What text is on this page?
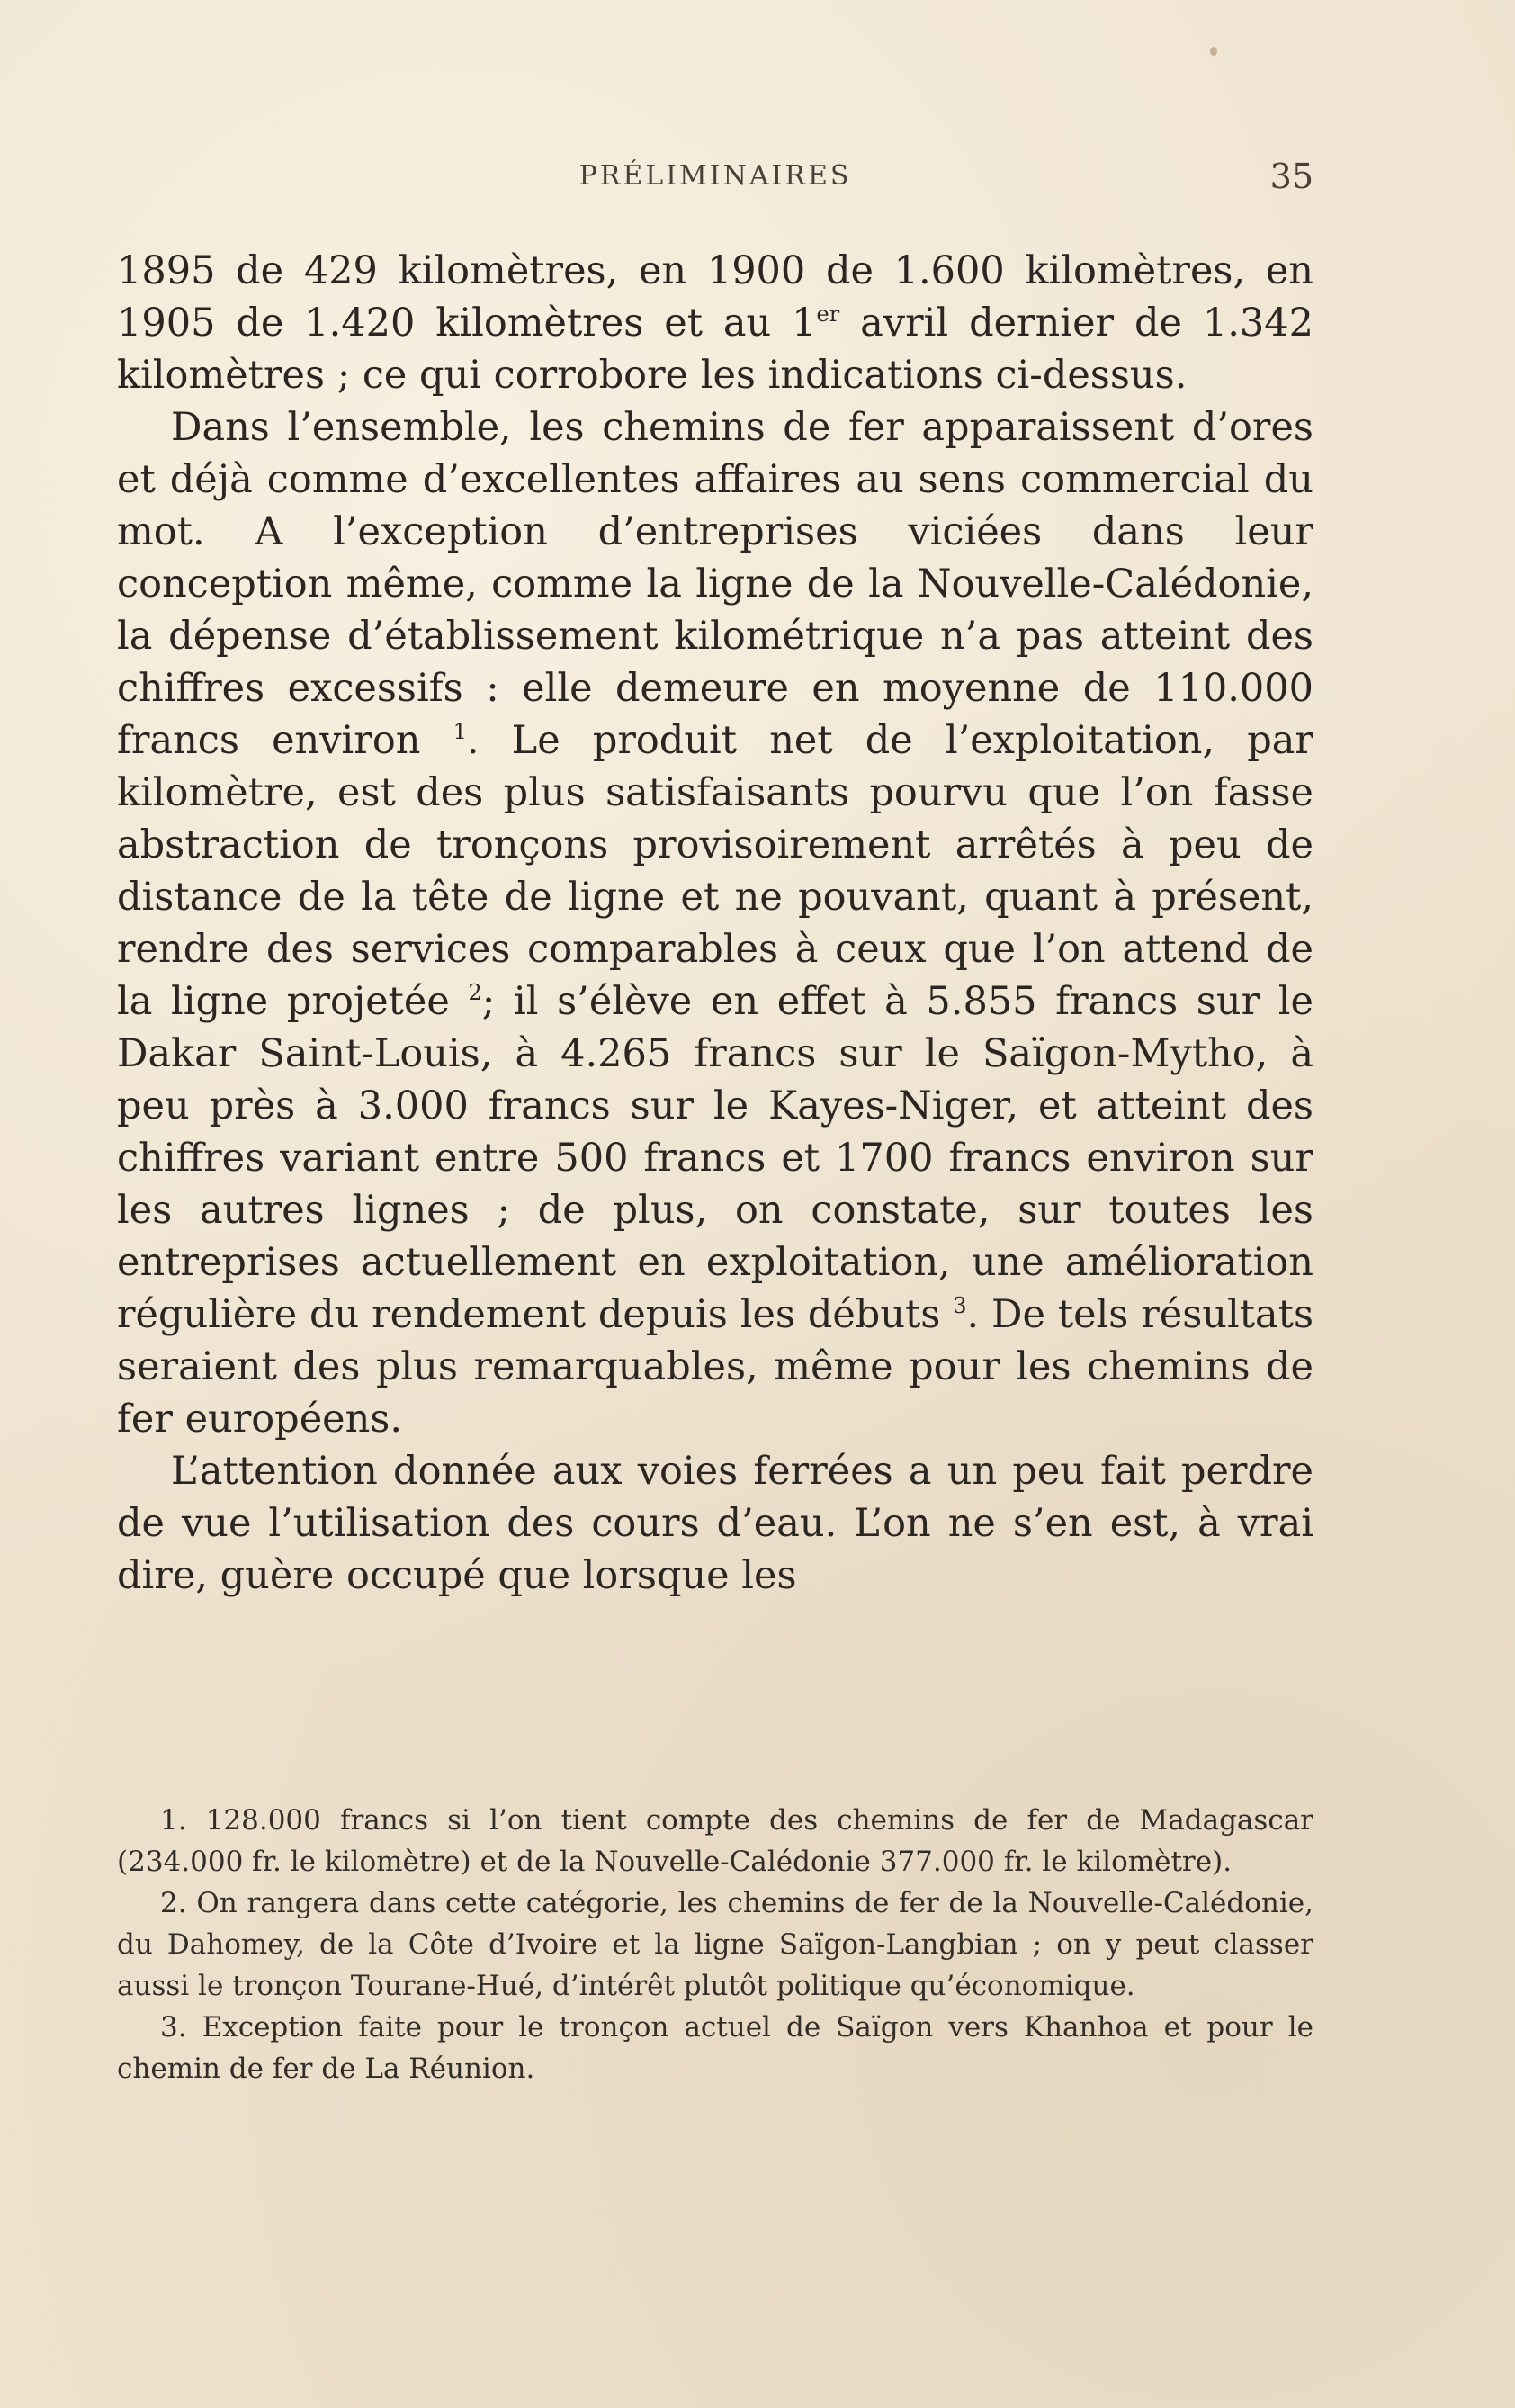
PRÉLIMINAIRES	35

1895 de 429 kilomètres, en 1900 de 1.600 kilomètres, en 1905 de 1.420 kilomètres et au 1er avril dernier de 1.342 kilomètres ; ce qui corrobore les indications ci-dessus.

Dans l’ensemble, les chemins de fer apparaissent d’ores et déjà comme d’excellentes affaires au sens commercial du mot. A l’exception d’entreprises viciées dans leur conception même, comme la ligne de la Nouvelle-Calédonie, la dépense d’établissement kilométrique n’a pas atteint des chiffres excessifs : elle demeure en moyenne de 110.000 francs environ $^1$. Le produit net de l’exploitation, par kilomètre, est des plus satisfaisants pourvu que l’on fasse abstraction de tronçons provisoirement arrêtés à peu de distance de la tête de ligne et ne pouvant, quant à présent, rendre des services comparables à ceux que l’on attend de la ligne projetée $^2$; il s’élève en effet à 5.855 francs sur le Dakar Saint-Louis, à 4.265 francs sur le Saïgon-Mytho, à peu près à 3.000 francs sur le Kayes-Niger, et atteint des chiffres variant entre 500 francs et 1700 francs environ sur les autres lignes ; de plus, on constate, sur toutes les entreprises actuellement en exploitation, une amélioration régulière du rendement depuis les débuts $^3$. De tels résultats seraient des plus remarquables, même pour les chemins de fer européens.

L’attention donnée aux voies ferrées a un peu fait perdre de vue l’utilisation des cours d’eau. L’on ne s’en est, à vrai dire, guère occupé que lorsque les

1. 128.000 francs si l’on tient compte des chemins de fer de Madagascar (234.000 fr. le kilomètre) et de la Nouvelle-Calédonie 377.000 fr. le kilomètre).

2. On rangera dans cette catégorie, les chemins de fer de la Nouvelle-Calédonie, du Dahomey, de la Côte d’Ivoire et la ligne Saïgon-Langbian ; on y peut classer aussi le tronçon Tourane-Hué, d’intérêt plutôt politique qu’économique.

3. Exception faite pour le tronçon actuel de Saïgon vers Khanhoa et pour le chemin de fer de La Réunion.
